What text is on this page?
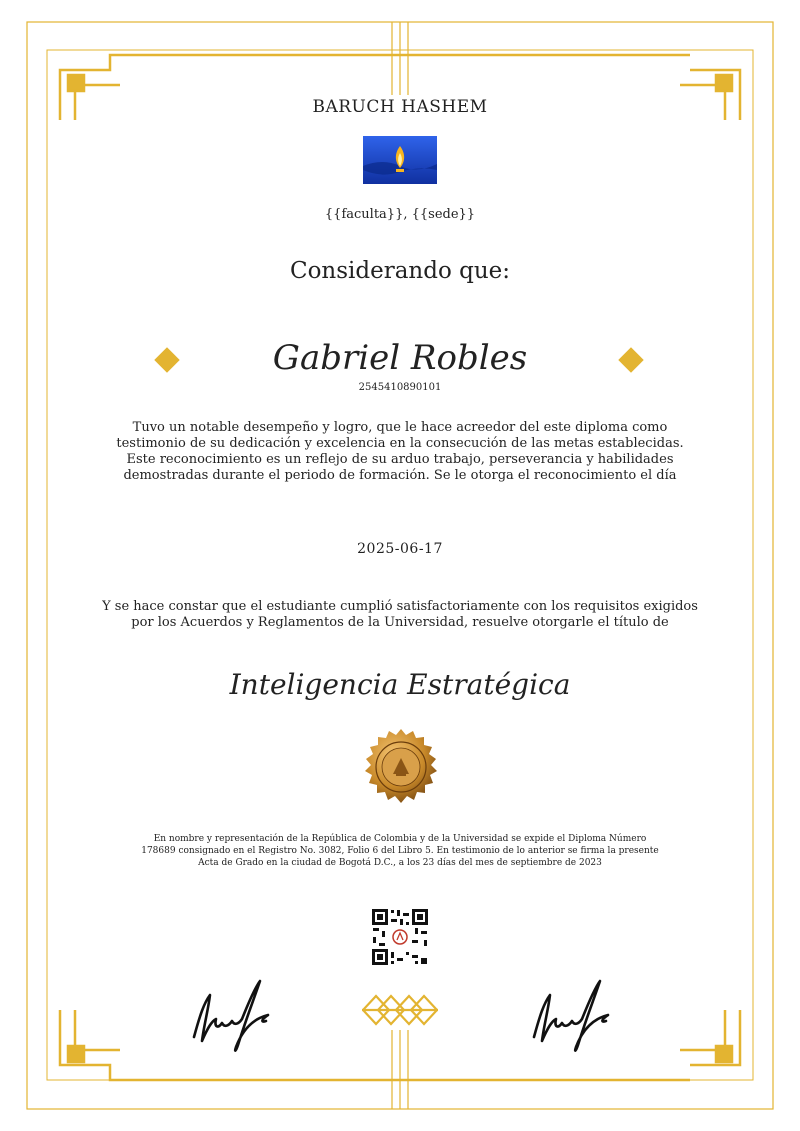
BARUCH HASHEM
{{faculta}}, {{sede}}
Considerando que:
Gabriel Robles
2545410890101
Tuvo un notable desempeño y logro, que le hace acreedor del este diploma como testimonio de su dedicación y excelencia en la consecución de las metas establecidas. Este reconocimiento es un reflejo de su arduo trabajo, perseverancia y habilidades demostradas durante el periodo de formación. Se le otorga el reconocimiento el día
2025-06-17
Y se hace constar que el estudiante cumplió satisfactoriamente con los requisitos exigidos por los Acuerdos y Reglamentos de la Universidad, resuelve otorgarle el título de
Inteligencia Estratégica
En nombre y representación de la República de Colombia y de la Universidad se expide el Diploma Número 178689 consignado en el Registro No. 3082, Folio 6 del Libro 5. En testimonio de lo anterior se firma la presente Acta de Grado en la ciudad de Bogotá D.C., a los 23 días del mes de septiembre de 2023
